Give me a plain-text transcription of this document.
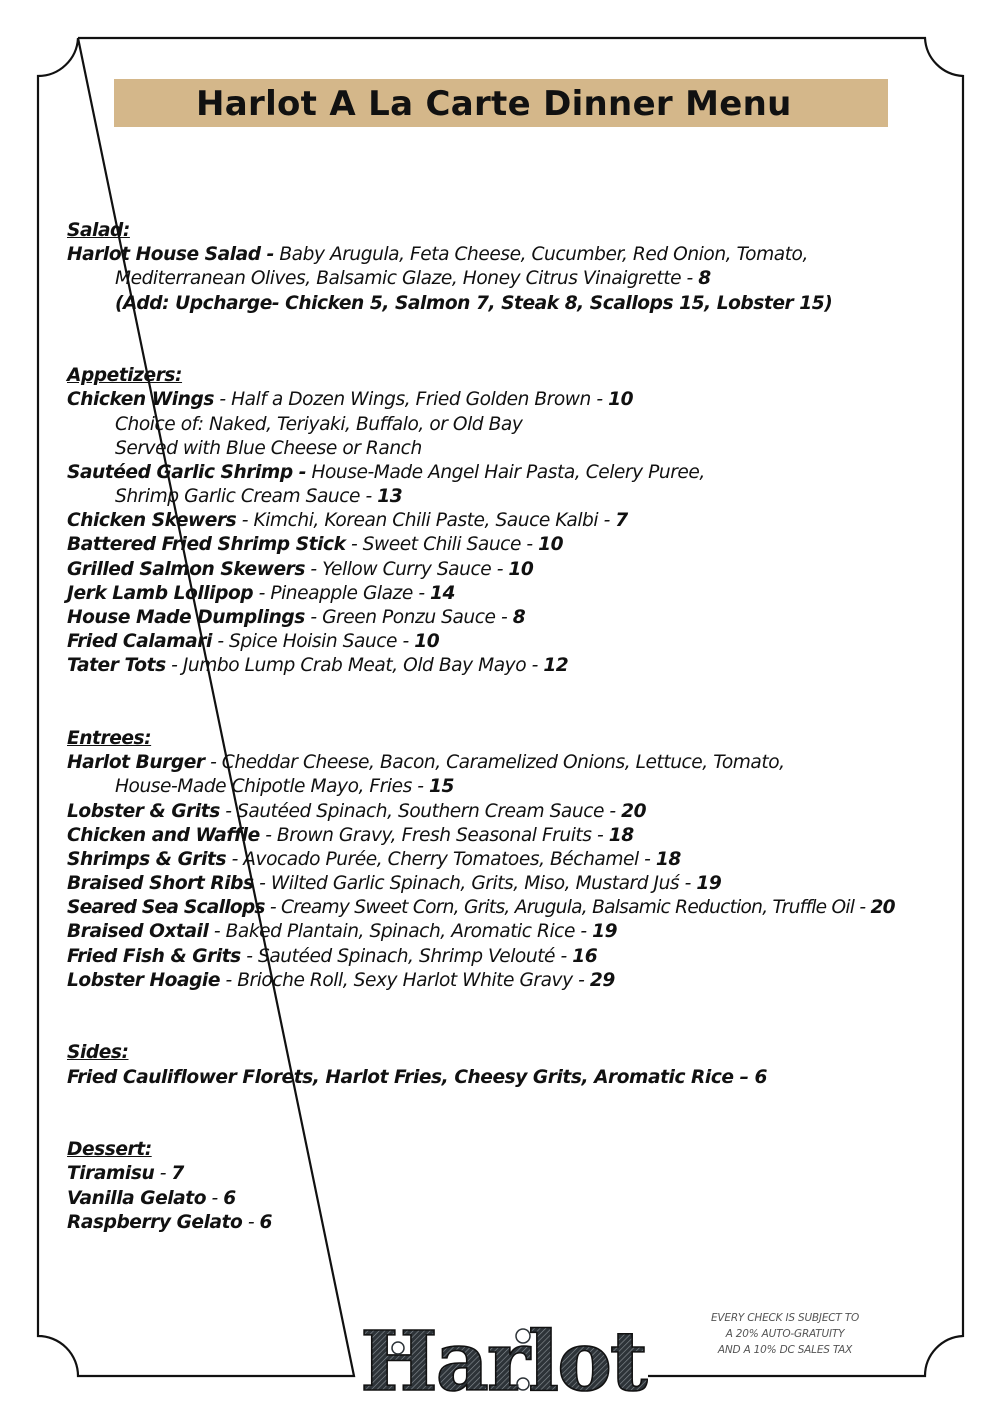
Harlot A La Carte Dinner Menu
Salad:
Harlot House Salad - Baby Arugula, Feta Cheese, Cucumber, Red Onion, Tomato,
Mediterranean Olives, Balsamic Glaze, Honey Citrus Vinaigrette - 8
(Add: Upcharge- Chicken 5, Salmon 7, Steak 8, Scallops 15, Lobster 15)
Appetizers:
Chicken Wings - Half a Dozen Wings, Fried Golden Brown - 10
Choice of: Naked, Teriyaki, Buffalo, or Old Bay
Served with Blue Cheese or Ranch
Sautéed Garlic Shrimp - House-Made Angel Hair Pasta, Celery Puree,
Shrimp Garlic Cream Sauce - 13
Chicken Skewers - Kimchi, Korean Chili Paste, Sauce Kalbi - 7
Battered Fried Shrimp Stick - Sweet Chili Sauce - 10
Grilled Salmon Skewers - Yellow Curry Sauce - 10
Jerk Lamb Lollipop - Pineapple Glaze - 14
House Made Dumplings - Green Ponzu Sauce - 8
Fried Calamari - Spice Hoisin Sauce - 10
Tater Tots - Jumbo Lump Crab Meat, Old Bay Mayo - 12
Entrees:
Harlot Burger - Cheddar Cheese, Bacon, Caramelized Onions, Lettuce, Tomato,
House-Made Chipotle Mayo, Fries - 15
Lobster & Grits - Sautéed Spinach, Southern Cream Sauce - 20
Chicken and Waffle - Brown Gravy, Fresh Seasonal Fruits - 18
Shrimps & Grits - Avocado Purée, Cherry Tomatoes, Béchamel - 18
Braised Short Ribs - Wilted Garlic Spinach, Grits, Miso, Mustard Juś - 19
Seared Sea Scallops - Creamy Sweet Corn, Grits, Arugula, Balsamic Reduction, Truffle Oil - 20
Braised Oxtail - Baked Plantain, Spinach, Aromatic Rice - 19
Fried Fish & Grits - Sautéed Spinach, Shrimp Velouté - 16
Lobster Hoagie - Brioche Roll, Sexy Harlot White Gravy - 29
Sides:
Fried Cauliflower Florets, Harlot Fries, Cheesy Grits, Aromatic Rice – 6
Dessert:
Tiramisu - 7
Vanilla Gelato - 6
Raspberry Gelato - 6
EVERY CHECK IS SUBJECT TO
A 20% AUTO-GRATUITY
AND A 10% DC SALES TAX
Harlot
